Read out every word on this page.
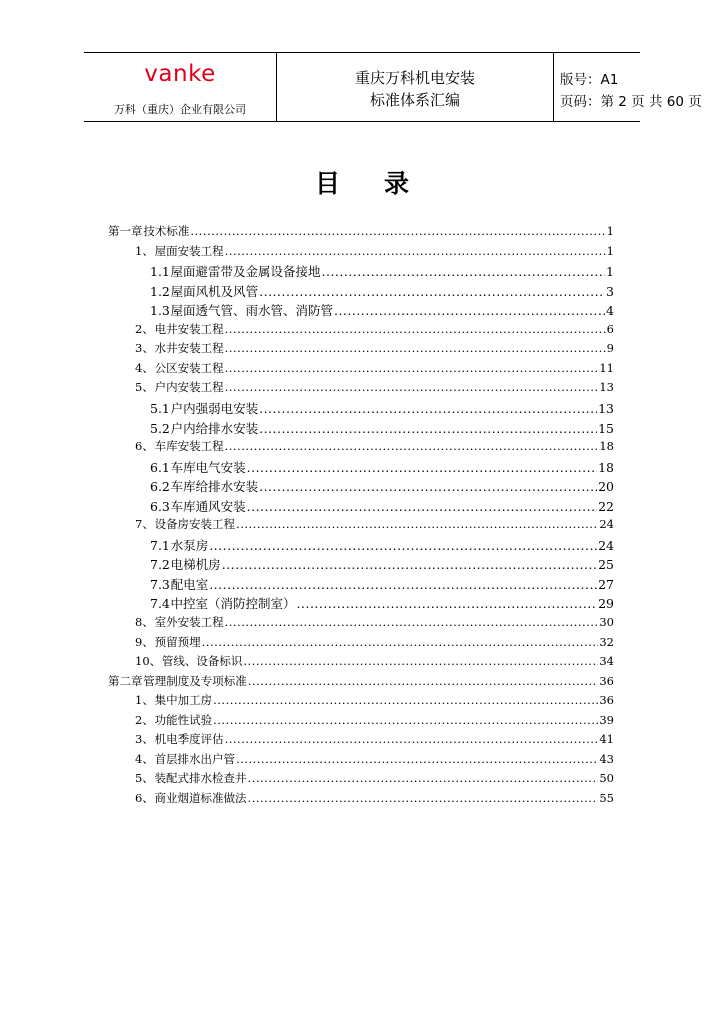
vanke
万科（重庆）企业有限公司
重庆万科机电安装
标准体系汇编
版号：A1
页码：第 2 页 共 60 页
目录
第一章 技术标准 .....	1
1、 屋面安装工程 .....	1
1.1 屋面避雷带及金属设备接地 .....	1
1.2 屋面风机及风管 .....	3
1.3 屋面透气管、雨水管、消防管 .....	4
2、 电井安装工程 .....	6
3、 水井安装工程 .....	9
4、 公区安装工程 .....	11
5、 户内安装工程 .....	13
5.1 户内强弱电安装 .....	13
5.2 户内给排水安装 .....	15
6、 车库安装工程 .....	18
6.1 车库电气安装 .....	18
6.2 车库给排水安装 .....	20
6.3 车库通风安装 .....	22
7、 设备房安装工程 .....	24
7.1 水泵房 .....	24
7.2 电梯机房 .....	25
7.3 配电室 .....	27
7.4 中控室（消防控制室） .....	29
8、 室外安装工程 .....	30
9、 预留预埋 .....	32
10、 管线、设备标识 .....	34
第二章 管理制度及专项标准 .....	36
1、 集中加工房 .....	36
2、 功能性试验 .....	39
3、 机电季度评估 .....	41
4、 首层排水出户管 .....	43
5、 装配式排水检查井 .....	50
6、 商业烟道标准做法 .....	55
